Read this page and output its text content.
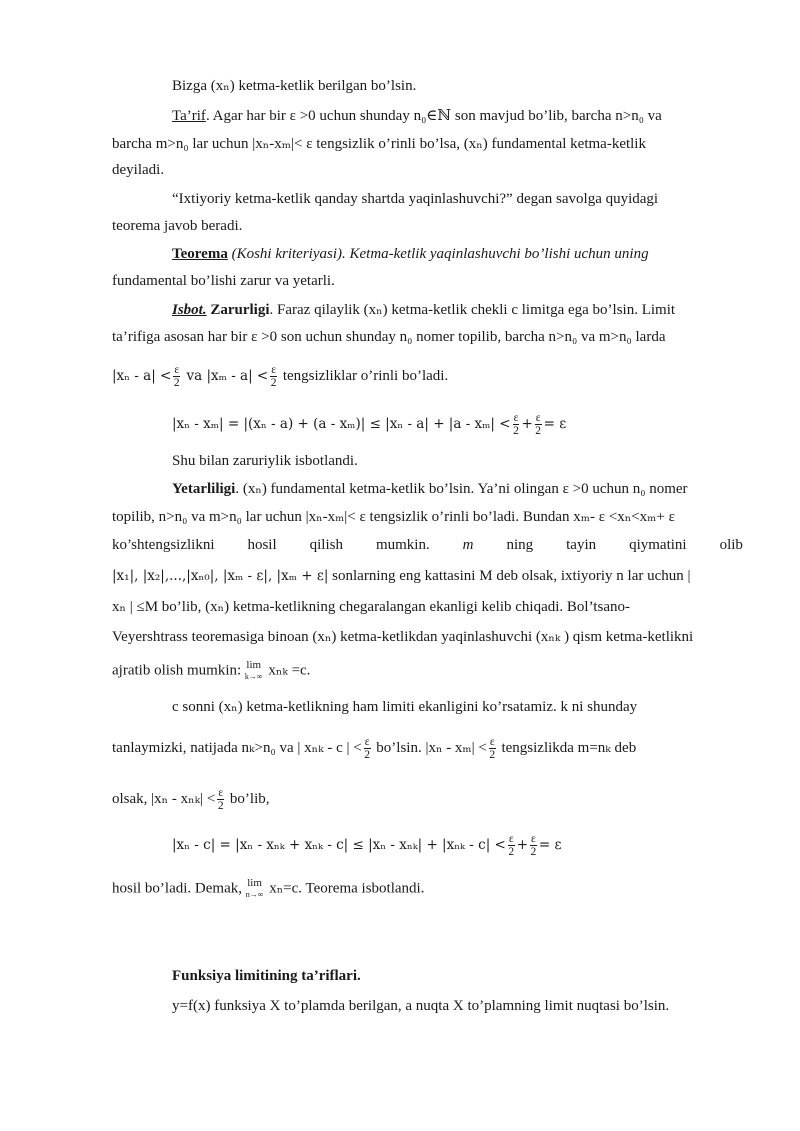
Bizga (xₙ) ketma-ketlik berilgan bo’lsin.
Ta’rif. Agar har bir ε >0 uchun shunday n₀∈ℕ son mavjud bo’lib, barcha n>n₀ va
barcha m>n₀ lar uchun |xₙ-xₘ|< ε tengsizlik o’rinli bo’lsa, (xₙ) fundamental ketma-ketlik
deyiladi.
“Ixtiyoriy ketma-ketlik qanday shartda yaqinlashuvchi?” degan savolga quyidagi
teorema javob beradi.
Teorema (Koshi kriteriyasi). Ketma-ketlik yaqinlashuvchi bo’lishi uchun uning
fundamental bo’lishi zarur va yetarli.
Isbot. Zarurligi. Faraz qilaylik (xₙ) ketma-ketlik chekli c limitga ega bo’lsin. Limit
ta’rifiga asosan har bir ε >0 son uchun shunday n₀ nomer topilib, barcha n>n₀ va m>n₀ larda
$|x_n - a| < \frac{\varepsilon}{2}$ va $|x_m - a| < \frac{\varepsilon}{2}$ tengsizliklar o’rinli bo’ladi.
$|x_n - x_m| = |(x_n - a) + (a - x_m)| \le |x_n - a| + |a - x_m| < \frac{\varepsilon}{2} + \frac{\varepsilon}{2} = \varepsilon$
Shu bilan zaruriylik isbotlandi.
Yetarliligi. (xₙ) fundamental ketma-ketlik bo’lsin. Ya’ni olingan ε >0 uchun n₀ nomer
topilib, n>n₀ va m>n₀ lar uchun |xₙ-xₘ|< ε tengsizlik o’rinli bo’ladi. Bundan xₘ- ε <xₙ<xₘ+ ε
ko’shtengsizlikni hosil qilish mumkin. m ning tayin qiymatini olib
|x₁|, |x₂|,...,|xₙ₀|, |xₘ - ε|, |xₘ + ε| sonlarning eng kattasini M deb olsak, ixtiyoriy n lar uchun |
xₙ | ≤M bo’lib, (xₙ) ketma-ketlikning chegaralangan ekanligi kelib chiqadi. Bol’tsano-
Veyershtrass teoremasiga binoan (xₙ) ketma-ketlikdan yaqinlashuvchi (xₙₖ ) qism ketma-ketlikni
ajratib olish mumkin: lim
k→∞ xₙₖ =c.
c sonni (xₙ) ketma-ketlikning ham limiti ekanligini ko’rsatamiz. k ni shunday
tanlaymizki, natijada nₖ>n₀ va | xₙₖ - c | < $\frac{\varepsilon}{2}$ bo’lsin. $|x_n - x_m| < \frac{\varepsilon}{2}$ tengsizlikda m=nₖ deb
olsak, $|x_n - x_{nk}| < \frac{\varepsilon}{2}$ bo’lib,
$|x_n - c| = |x_n - x_{nk} + x_{nk} - c| \le |x_n - x_{nk}| + |x_{nk} - c| < \frac{\varepsilon}{2} + \frac{\varepsilon}{2} = \varepsilon$
hosil bo’ladi. Demak, lim
n→∞ xₙ=c. Teorema isbotlandi.
Funksiya limitining ta’riflari.
y=f(x) funksiya X to’plamda berilgan, a nuqta X to’plamning limit nuqtasi bo’lsin.
